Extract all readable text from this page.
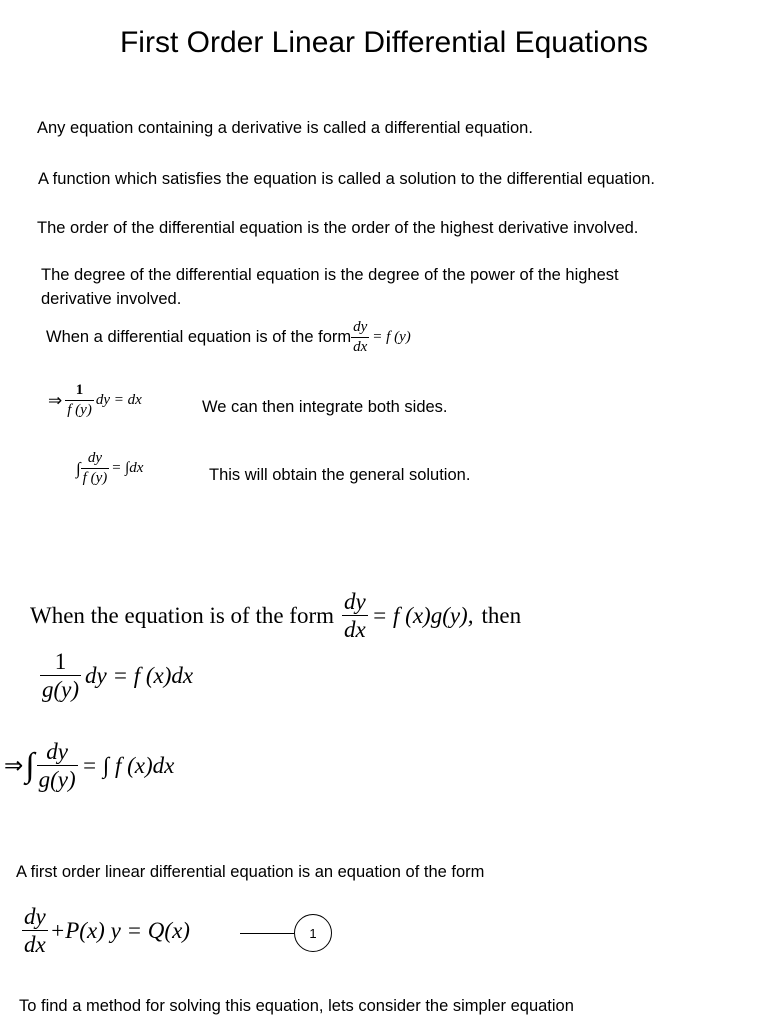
First Order Linear Differential Equations
Any equation containing a derivative is called a differential equation.
A function which satisfies the equation is called a solution to the differential equation.
The order of the differential equation is the order of the highest derivative involved.
The degree of the differential equation is the degree of the power of the highest
derivative involved.
When a differential equation is of the form $\frac{dy}{dx} = f$ (y)
⇒ $\frac{1}{f (y)}$ dy = dx	We can then integrate both sides.
∫ $\frac{dy}{f (y)} = \int dx$	This will obtain the general solution.
When the equation is of the form $\frac{dy}{dx} = f$ (x)g(y), then
$\frac{1}{g(y)}$ dy = f (x)dx
⇒ ∫ $\frac{dy}{g(y)}$ = ∫ f (x)dx
A first order linear differential equation is an equation of the form
$\frac{dy}{dx} +P(x) y = Q(x)$	1
To find a method for solving this equation, lets consider the simpler equation
